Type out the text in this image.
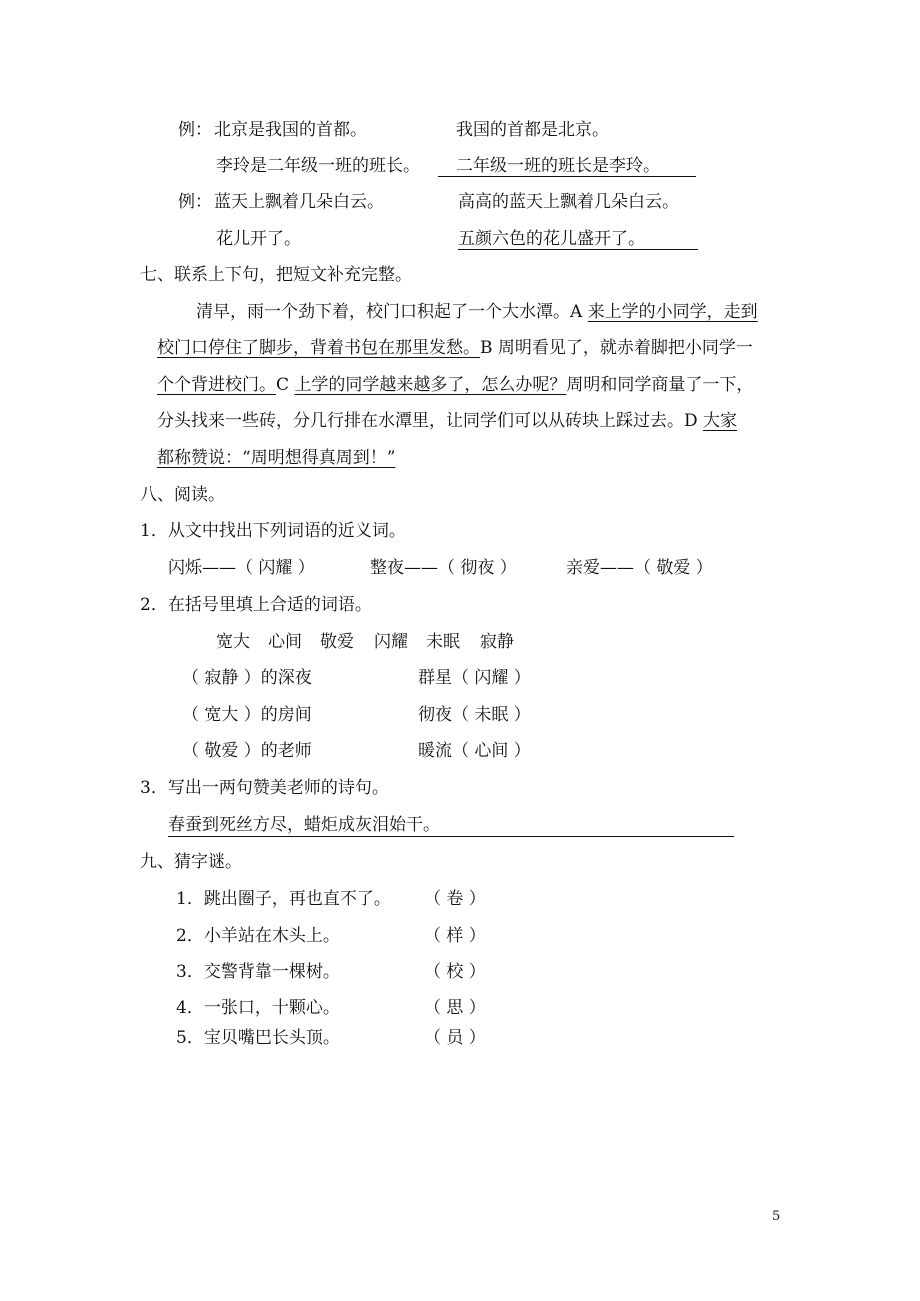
例： 北京是我国的首都。	我国的首都是北京。
李玲是二年级一班的班长。 二年级一班的班长是李玲。
例： 蓝天上飘着几朵白云。	高高的蓝天上飘着几朵白云。
花儿开了。	五颜六色的花儿盛开了。
七、联系上下句，把短文补充完整。
清早，雨一个劲下着，校门口积起了一个大水潭。A 来上学的小同学，走到
校门口停住了脚步，背着书包在那里发愁。B 周明看见了，就赤着脚把小同学一
个个背进校门。C 上学的同学越来越多了，怎么办呢？周明和同学商量了一下，
分头找来一些砖，分几行排在水潭里，让同学们可以从砖块上踩过去。D 大家
都称赞说：“周明想得真周到！”
八、阅读。
1．从文中找出下列词语的近义词。
闪烁——（ 闪耀 ）	整夜——（ 彻夜 ）	亲爱——（ 敬爱 ）
2．在括号里填上合适的词语。
宽大 心间 敬爱 闪耀 未眠 寂静
（ 寂静 ）的深夜	群星（ 闪耀 ）
（ 宽大 ）的房间	彻夜（ 未眠 ）
（ 敬爱 ）的老师	暖流（ 心间 ）
3．写出一两句赞美老师的诗句。
春蚕到死丝方尽，蜡炬成灰泪始干。
九、猜字谜。
1．跳出圈子，再也直不了。 （ 卷 ）
2．小羊站在木头上。	（ 样 ）
3．交警背靠一棵树。	（ 校 ）
4．一张口，十颗心。	（ 思 ）
5．宝贝嘴巴长头顶。	（ 员 ）
5
